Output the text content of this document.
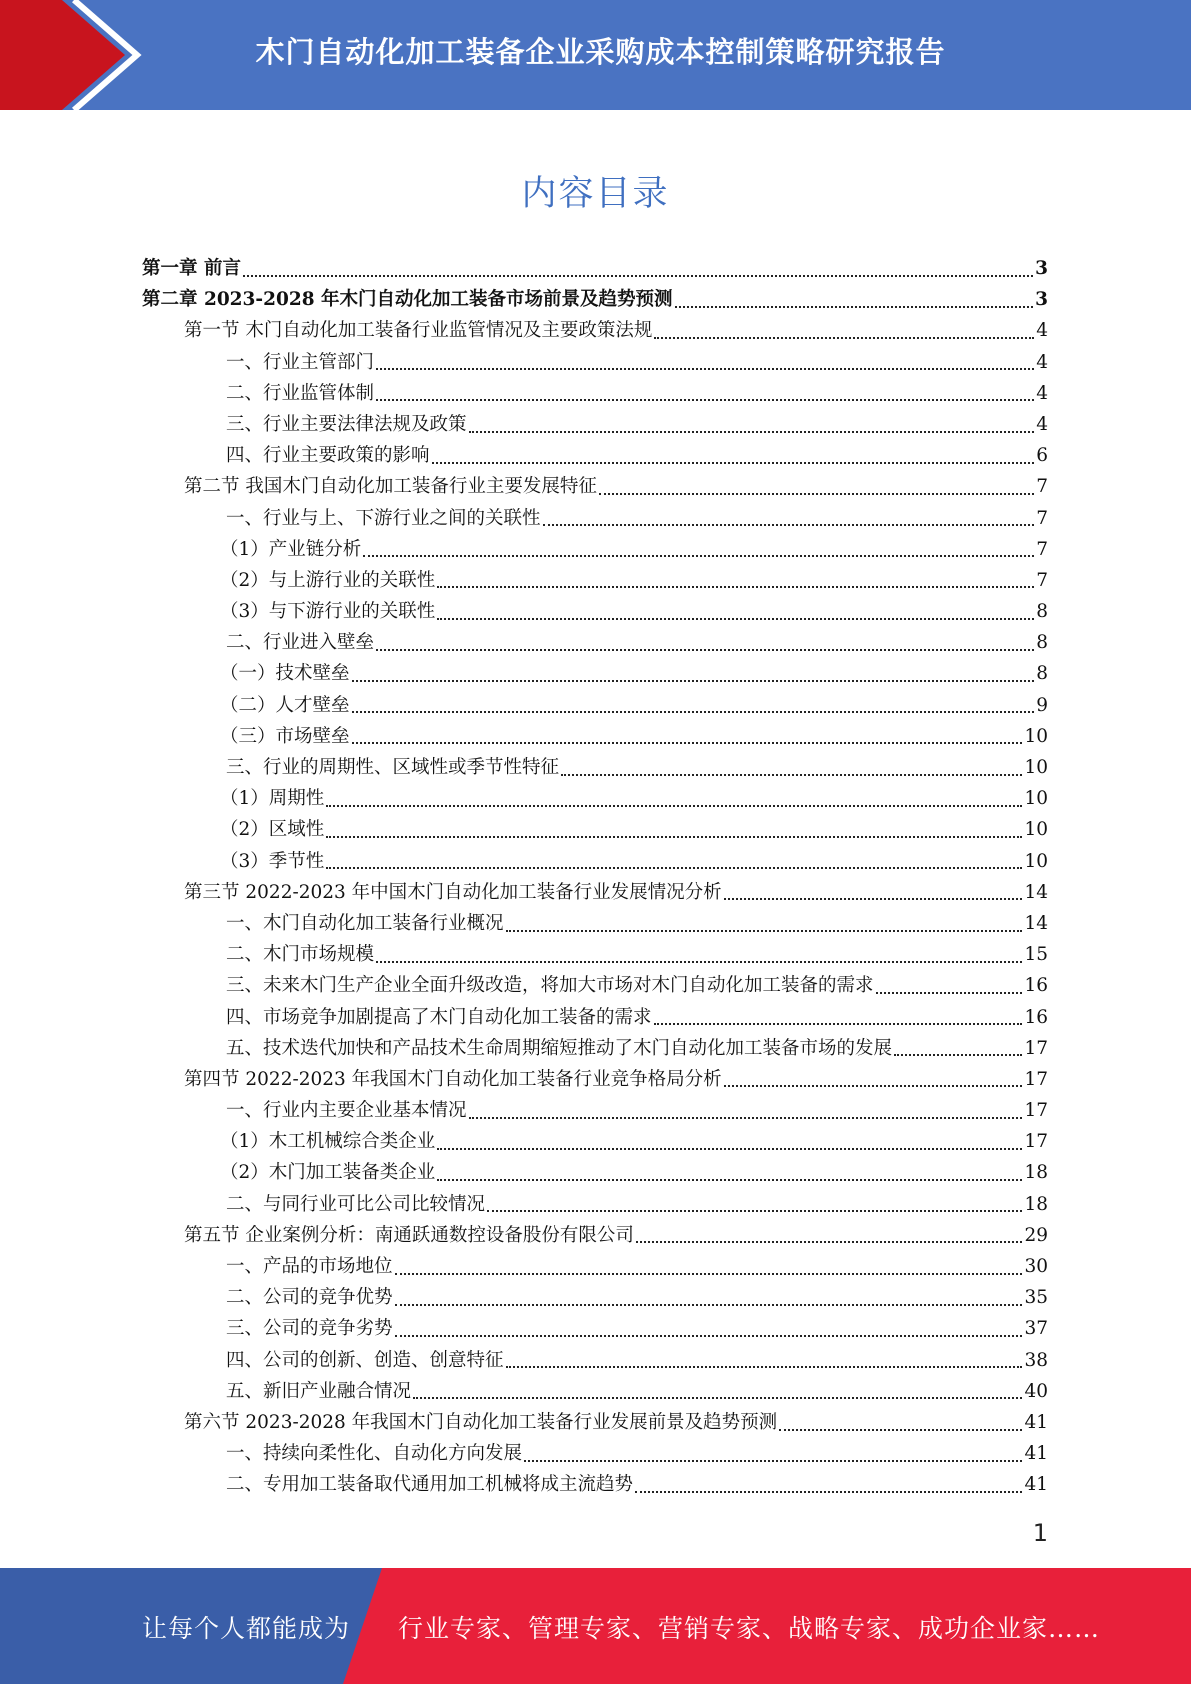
木门自动化加工装备企业采购成本控制策略研究报告
内容目录
第一章 前言	3
第二章 2023-2028 年木门自动化加工装备市场前景及趋势预测	3
第一节 木门自动化加工装备行业监管情况及主要政策法规	4
一、行业主管部门	4
二、行业监管体制	4
三、行业主要法律法规及政策	4
四、行业主要政策的影响	6
第二节 我国木门自动化加工装备行业主要发展特征	7
一、行业与上、下游行业之间的关联性	7
（1）产业链分析	7
（2）与上游行业的关联性	7
（3）与下游行业的关联性	8
二、行业进入壁垒	8
（一）技术壁垒	8
（二）人才壁垒	9
（三）市场壁垒	10
三、行业的周期性、区域性或季节性特征	10
（1）周期性	10
（2）区域性	10
（3）季节性	10
第三节 2022-2023 年中国木门自动化加工装备行业发展情况分析	14
一、木门自动化加工装备行业概况	14
二、木门市场规模	15
三、未来木门生产企业全面升级改造，将加大市场对木门自动化加工装备的需求	16
四、市场竞争加剧提高了木门自动化加工装备的需求	16
五、技术迭代加快和产品技术生命周期缩短推动了木门自动化加工装备市场的发展	17
第四节 2022-2023 年我国木门自动化加工装备行业竞争格局分析	17
一、行业内主要企业基本情况	17
（1）木工机械综合类企业	17
（2）木门加工装备类企业	18
二、与同行业可比公司比较情况	18
第五节 企业案例分析：南通跃通数控设备股份有限公司	29
一、产品的市场地位	30
二、公司的竞争优势	35
三、公司的竞争劣势	37
四、公司的创新、创造、创意特征	38
五、新旧产业融合情况	40
第六节 2023-2028 年我国木门自动化加工装备行业发展前景及趋势预测	41
一、持续向柔性化、自动化方向发展	41
二、专用加工装备取代通用加工机械将成主流趋势	41
1
让每个人都能成为 行业专家、管理专家、营销专家、战略专家、成功企业家……
